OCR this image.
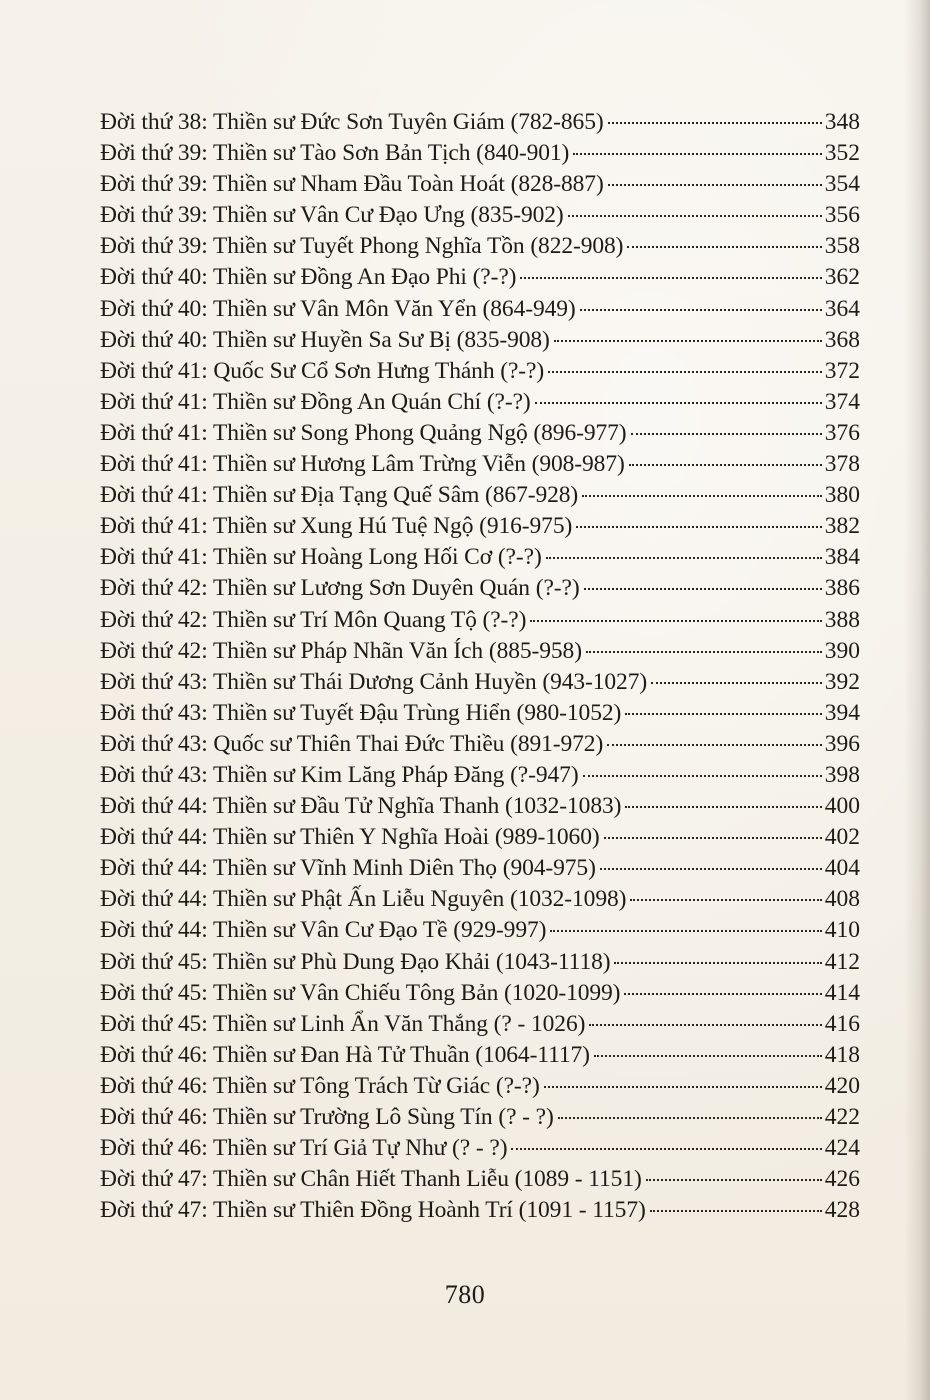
Đời thứ 38: Thiền sư Đức Sơn Tuyên Giám (782-865)	348
Đời thứ 39: Thiền sư Tào Sơn Bản Tịch (840-901)	352
Đời thứ 39: Thiền sư Nham Đầu Toàn Hoát (828-887)	354
Đời thứ 39: Thiền sư Vân Cư Đạo Ưng (835-902)	356
Đời thứ 39: Thiền sư Tuyết Phong Nghĩa Tồn (822-908)	358
Đời thứ 40: Thiền sư Đồng An Đạo Phi (?-?)	362
Đời thứ 40: Thiền sư Vân Môn Văn Yển (864-949)	364
Đời thứ 40: Thiền sư Huyền Sa Sư Bị (835-908)	368
Đời thứ 41: Quốc Sư Cổ Sơn Hưng Thánh (?-?)	372
Đời thứ 41: Thiền sư Đồng An Quán Chí (?-?)	374
Đời thứ 41: Thiền sư Song Phong Quảng Ngộ (896-977)	376
Đời thứ 41: Thiền sư Hương Lâm Trừng Viễn (908-987)	378
Đời thứ 41: Thiền sư Địa Tạng Quế Sâm (867-928)	380
Đời thứ 41: Thiền sư Xung Hú Tuệ Ngộ (916-975)	382
Đời thứ 41: Thiền sư Hoàng Long Hối Cơ (?-?)	384
Đời thứ 42: Thiền sư Lương Sơn Duyên Quán (?-?)	386
Đời thứ 42: Thiền sư Trí Môn Quang Tộ (?-?)	388
Đời thứ 42: Thiền sư Pháp Nhãn Văn Ích (885-958)	390
Đời thứ 43: Thiền sư Thái Dương Cảnh Huyền (943-1027)	392
Đời thứ 43: Thiền sư Tuyết Đậu Trùng Hiển (980-1052)	394
Đời thứ 43: Quốc sư Thiên Thai Đức Thiều (891-972)	396
Đời thứ 43: Thiền sư Kim Lăng Pháp Đăng (?-947)	398
Đời thứ 44: Thiền sư Đầu Tử Nghĩa Thanh (1032-1083)	400
Đời thứ 44: Thiền sư Thiên Y Nghĩa Hoài (989-1060)	402
Đời thứ 44: Thiền sư Vĩnh Minh Diên Thọ (904-975)	404
Đời thứ 44: Thiền sư Phật Ấn Liễu Nguyên (1032-1098)	408
Đời thứ 44: Thiền sư Vân Cư Đạo Tề (929-997)	410
Đời thứ 45: Thiền sư Phù Dung Đạo Khải (1043-1118)	412
Đời thứ 45: Thiền sư Vân Chiếu Tông Bản (1020-1099)	414
Đời thứ 45: Thiền sư Linh Ẩn Văn Thắng (? - 1026)	416
Đời thứ 46: Thiền sư Đan Hà Tử Thuần (1064-1117)	418
Đời thứ 46: Thiền sư Tông Trách Từ Giác (?-?)	420
Đời thứ 46: Thiền sư Trường Lô Sùng Tín (? - ?)	422
Đời thứ 46: Thiền sư Trí Giả Tự Như (? - ?)	424
Đời thứ 47: Thiền sư Chân Hiết Thanh Liễu (1089 - 1151)	426
Đời thứ 47: Thiền sư Thiên Đồng Hoành Trí (1091 - 1157)	428
780
